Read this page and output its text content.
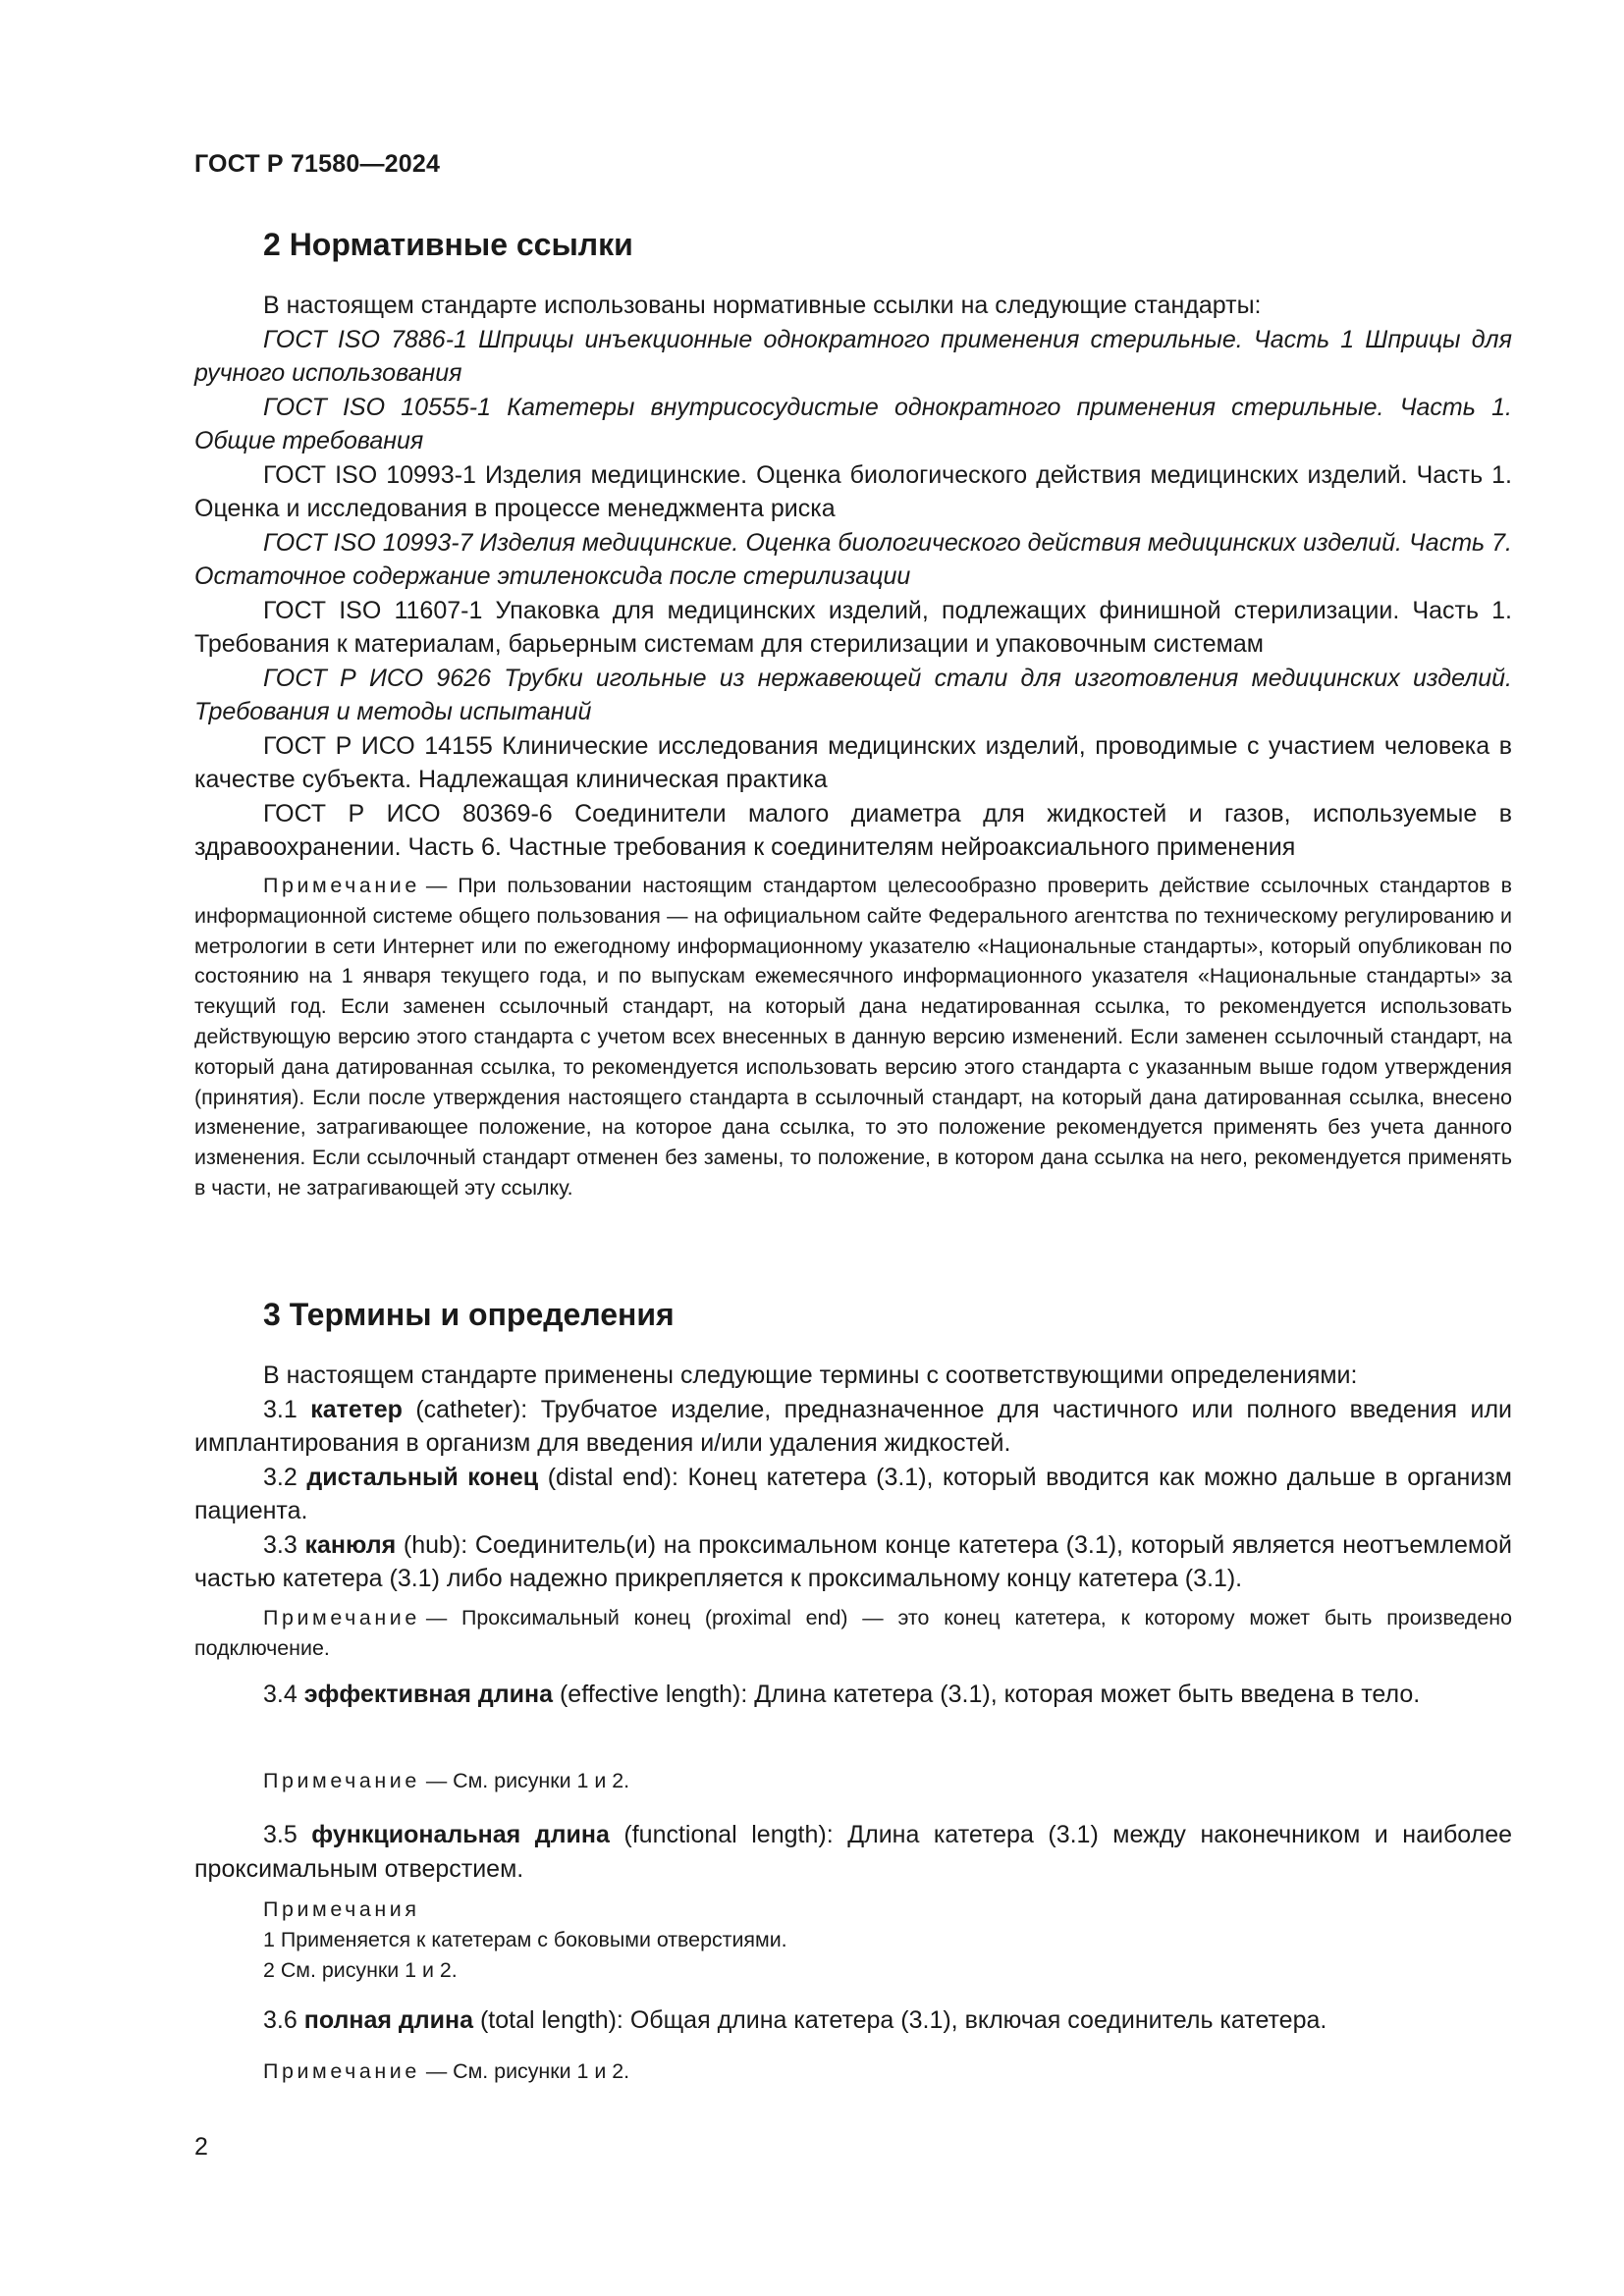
ГОСТ Р 71580—2024
2 Нормативные ссылки

В настоящем стандарте использованы нормативные ссылки на следующие стандарты:

ГОСТ ISO 7886-1 Шприцы инъекционные однократного применения стерильные. Часть 1 Шприцы для ручного использования

ГОСТ ISO 10555-1 Катетеры внутрисосудистые однократного применения стерильные. Часть 1. Общие требования

ГОСТ ISO 10993-1 Изделия медицинские. Оценка биологического действия медицинских изделий. Часть 1. Оценка и исследования в процессе менеджмента риска

ГОСТ ISO 10993-7 Изделия медицинские. Оценка биологического действия медицинских изделий. Часть 7. Остаточное содержание этиленоксида после стерилизации

ГОСТ ISO 11607-1 Упаковка для медицинских изделий, подлежащих финишной стерилизации. Часть 1. Требования к материалам, барьерным системам для стерилизации и упаковочным системам

ГОСТ Р ИСО 9626 Трубки игольные из нержавеющей стали для изготовления медицинских изделий. Требования и методы испытаний

ГОСТ Р ИСО 14155 Клинические исследования медицинских изделий, проводимые с участием человека в качестве субъекта. Надлежащая клиническая практика

ГОСТ Р ИСО 80369-6 Соединители малого диаметра для жидкостей и газов, используемые в здравоохранении. Часть 6. Частные требования к соединителям нейроаксиального применения

Примечание — При пользовании настоящим стандартом целесообразно проверить действие ссылочных стандартов в информационной системе общего пользования — на официальном сайте Федерального агентства по техническому регулированию и метрологии в сети Интернет или по ежегодному информационному указателю «Национальные стандарты», который опубликован по состоянию на 1 января текущего года, и по выпускам ежемесячного информационного указателя «Национальные стандарты» за текущий год. Если заменен ссылочный стандарт, на который дана недатированная ссылка, то рекомендуется использовать действующую версию этого стандарта с учетом всех внесенных в данную версию изменений. Если заменен ссылочный стандарт, на который дана датированная ссылка, то рекомендуется использовать версию этого стандарта с указанным выше годом утверждения (принятия). Если после утверждения настоящего стандарта в ссылочный стандарт, на который дана датированная ссылка, внесено изменение, затрагивающее положение, на которое дана ссылка, то это положение рекомендуется применять без учета данного изменения. Если ссылочный стандарт отменен без замены, то положение, в котором дана ссылка на него, рекомендуется применять в части, не затрагивающей эту ссылку.

3 Термины и определения

В настоящем стандарте применены следующие термины с соответствующими определениями:

3.1 катетер (catheter): Трубчатое изделие, предназначенное для частичного или полного введения или имплантирования в организм для введения и/или удаления жидкостей.

3.2 дистальный конец (distal end): Конец катетера (3.1), который вводится как можно дальше в организм пациента.

3.3 канюля (hub): Соединитель(и) на проксимальном конце катетера (3.1), который является неотъемлемой частью катетера (3.1) либо надежно прикрепляется к проксимальному концу катетера (3.1).

Примечание — Проксимальный конец (proximal end) — это конец катетера, к которому может быть произведено подключение.

3.4 эффективная длина (effective length): Длина катетера (3.1), которая может быть введена в тело.

Примечание — См. рисунки 1 и 2.

3.5 функциональная длина (functional length): Длина катетера (3.1) между наконечником и наиболее проксимальным отверстием.

Примечания
1 Применяется к катетерам с боковыми отверстиями.
2 См. рисунки 1 и 2.

3.6 полная длина (total length): Общая длина катетера (3.1), включая соединитель катетера.

Примечание — См. рисунки 1 и 2.

2
